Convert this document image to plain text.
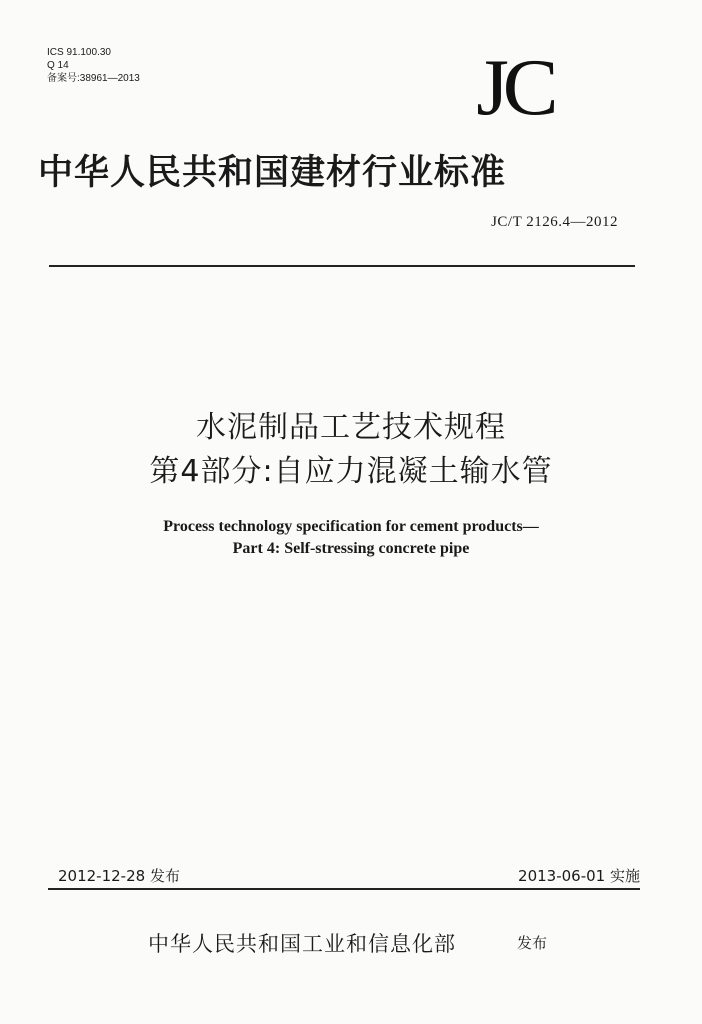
ICS 91.100.30
Q 14
备案号:38961—2013	JC
中华人民共和国建材行业标准
JC/T 2126.4—2012
水泥制品工艺技术规程
第4部分:自应力混凝土输水管
Process technology specification for cement products—
Part 4: Self-stressing concrete pipe
2012-12-28 发布	2013-06-01 实施
中华人民共和国工业和信息化部	发布
